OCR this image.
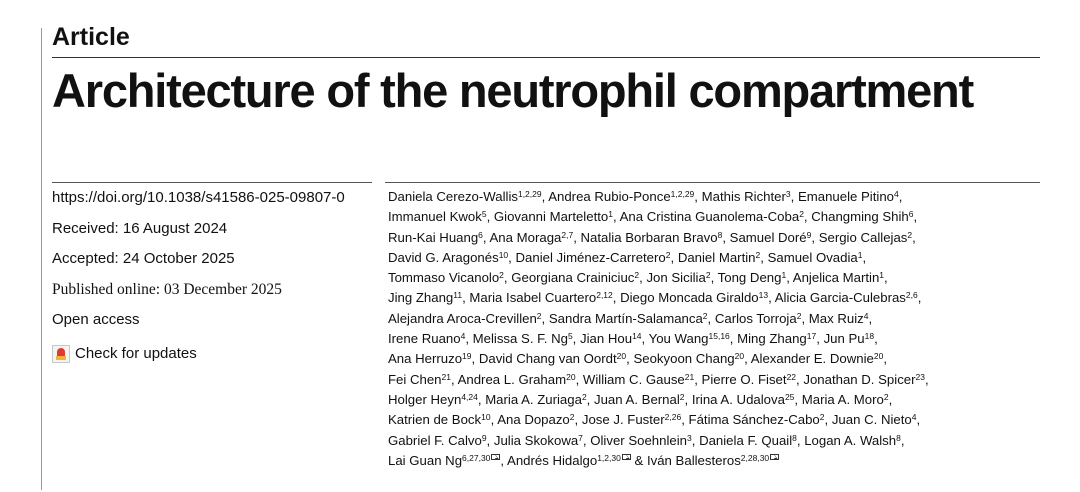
Article
Architecture of the neutrophil compartment
https://doi.org/10.1038/s41586-025-09807-0
Received: 16 August 2024
Accepted: 24 October 2025
Published online: 03 December 2025
Open access
Check for updates
Daniela Cerezo-Wallis$^{1,2,29}$, Andrea Rubio-Ponce$^{1,2,29}$, Mathis Richter$^3$, Emanuele Pitino$^4$,
Immanuel Kwok$^5$, Giovanni Marteletto$^1$, Ana Cristina Guanolema-Coba$^2$, Changming Shih$^6$,
Run-Kai Huang$^6$, Ana Moraga$^{2,7}$, Natalia Borbaran Bravo$^8$, Samuel Doré$^9$, Sergio Callejas$^2$,
David G. Aragonés$^{10}$, Daniel Jiménez-Carretero$^2$, Daniel Martin$^2$, Samuel Ovadia$^1$,
Tommaso Vicanolo$^2$, Georgiana Crainiciuc$^2$, Jon Sicilia$^2$, Tong Deng$^1$, Anjelica Martin$^1$,
Jing Zhang$^{11}$, Maria Isabel Cuartero$^{2,12}$, Diego Moncada Giraldo$^{13}$, Alicia Garcia-Culebras$^{2,6}$,
Alejandra Aroca-Crevillen$^2$, Sandra Martín-Salamanca$^2$, Carlos Torroja$^2$, Max Ruiz$^4$,
Irene Ruano$^4$, Melissa S. F. Ng$^5$, Jian Hou$^{14}$, You Wang$^{15,16}$, Ming Zhang$^{17}$, Jun Pu$^{18}$,
Ana Herruzo$^{19}$, David Chang van Oordt$^{20}$, Seokyoon Chang$^{20}$, Alexander E. Downie$^{20}$,
Fei Chen$^{21}$, Andrea L. Graham$^{20}$, William C. Gause$^{21}$, Pierre O. Fiset$^{22}$, Jonathan D. Spicer$^{23}$,
Holger Heyn$^{4,24}$, Maria A. Zuriaga$^2$, Juan A. Bernal$^2$, Irina A. Udalova$^{25}$, Maria A. Moro$^2$,
Katrien de Bock$^{10}$, Ana Dopazo$^2$, Jose J. Fuster$^{2,26}$, Fátima Sánchez-Cabo$^2$, Juan C. Nieto$^4$,
Gabriel F. Calvo$^9$, Julia Skokowa$^7$, Oliver Soehnlein$^3$, Daniela F. Quail$^8$, Logan A. Walsh$^8$,
Lai Guan Ng$^{6,27,30}$ , Andrés Hidalgo$^{1,2,30}$ & Iván Ballesteros$^{2,28,30}$
